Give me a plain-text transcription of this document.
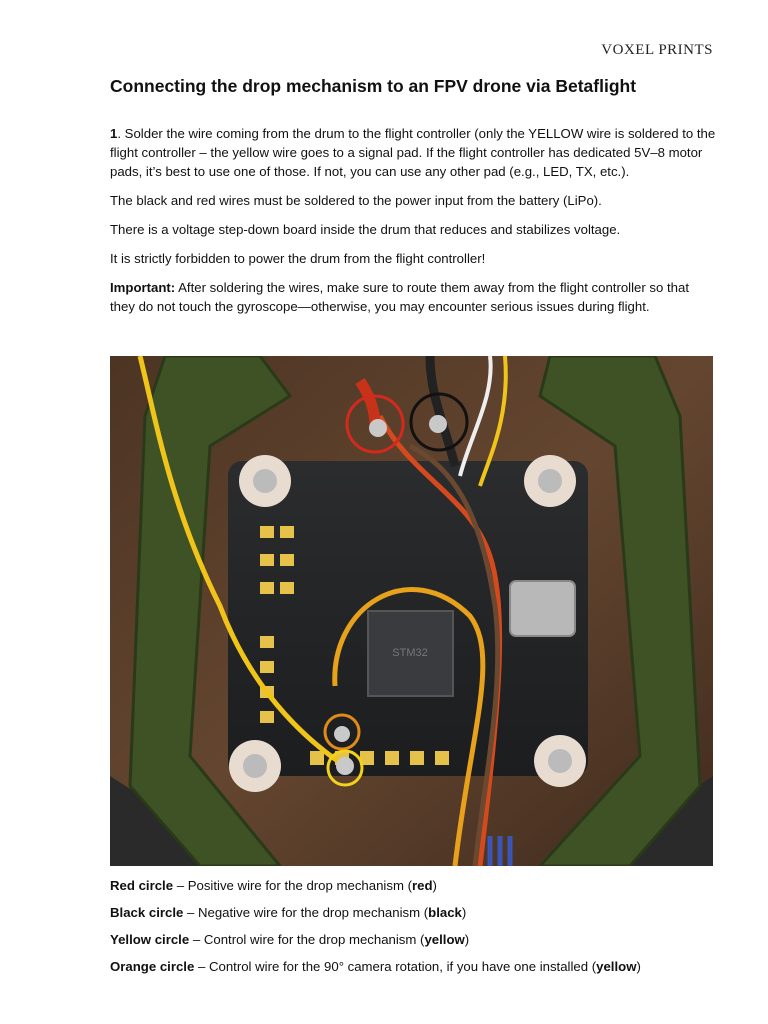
VOXEL PRINTS
Connecting the drop mechanism to an FPV drone via Betaflight

1. Solder the wire coming from the drum to the flight controller (only the YELLOW wire is soldered to the flight controller – the yellow wire goes to a signal pad. If the flight controller has dedicated 5V–8 motor pads, it’s best to use one of those. If not, you can use any other pad (e.g., LED, TX, etc.).

The black and red wires must be soldered to the power input from the battery (LiPo).

There is a voltage step-down board inside the drum that reduces and stabilizes voltage.

It is strictly forbidden to power the drum from the flight controller!

Important: After soldering the wires, make sure to route them away from the flight controller so that they do not touch the gyroscope—otherwise, you may encounter serious issues during flight.

STM32

Red circle – Positive wire for the drop mechanism (red)

Black circle – Negative wire for the drop mechanism (black)

Yellow circle – Control wire for the drop mechanism (yellow)

Orange circle – Control wire for the 90° camera rotation, if you have one installed (yellow)
